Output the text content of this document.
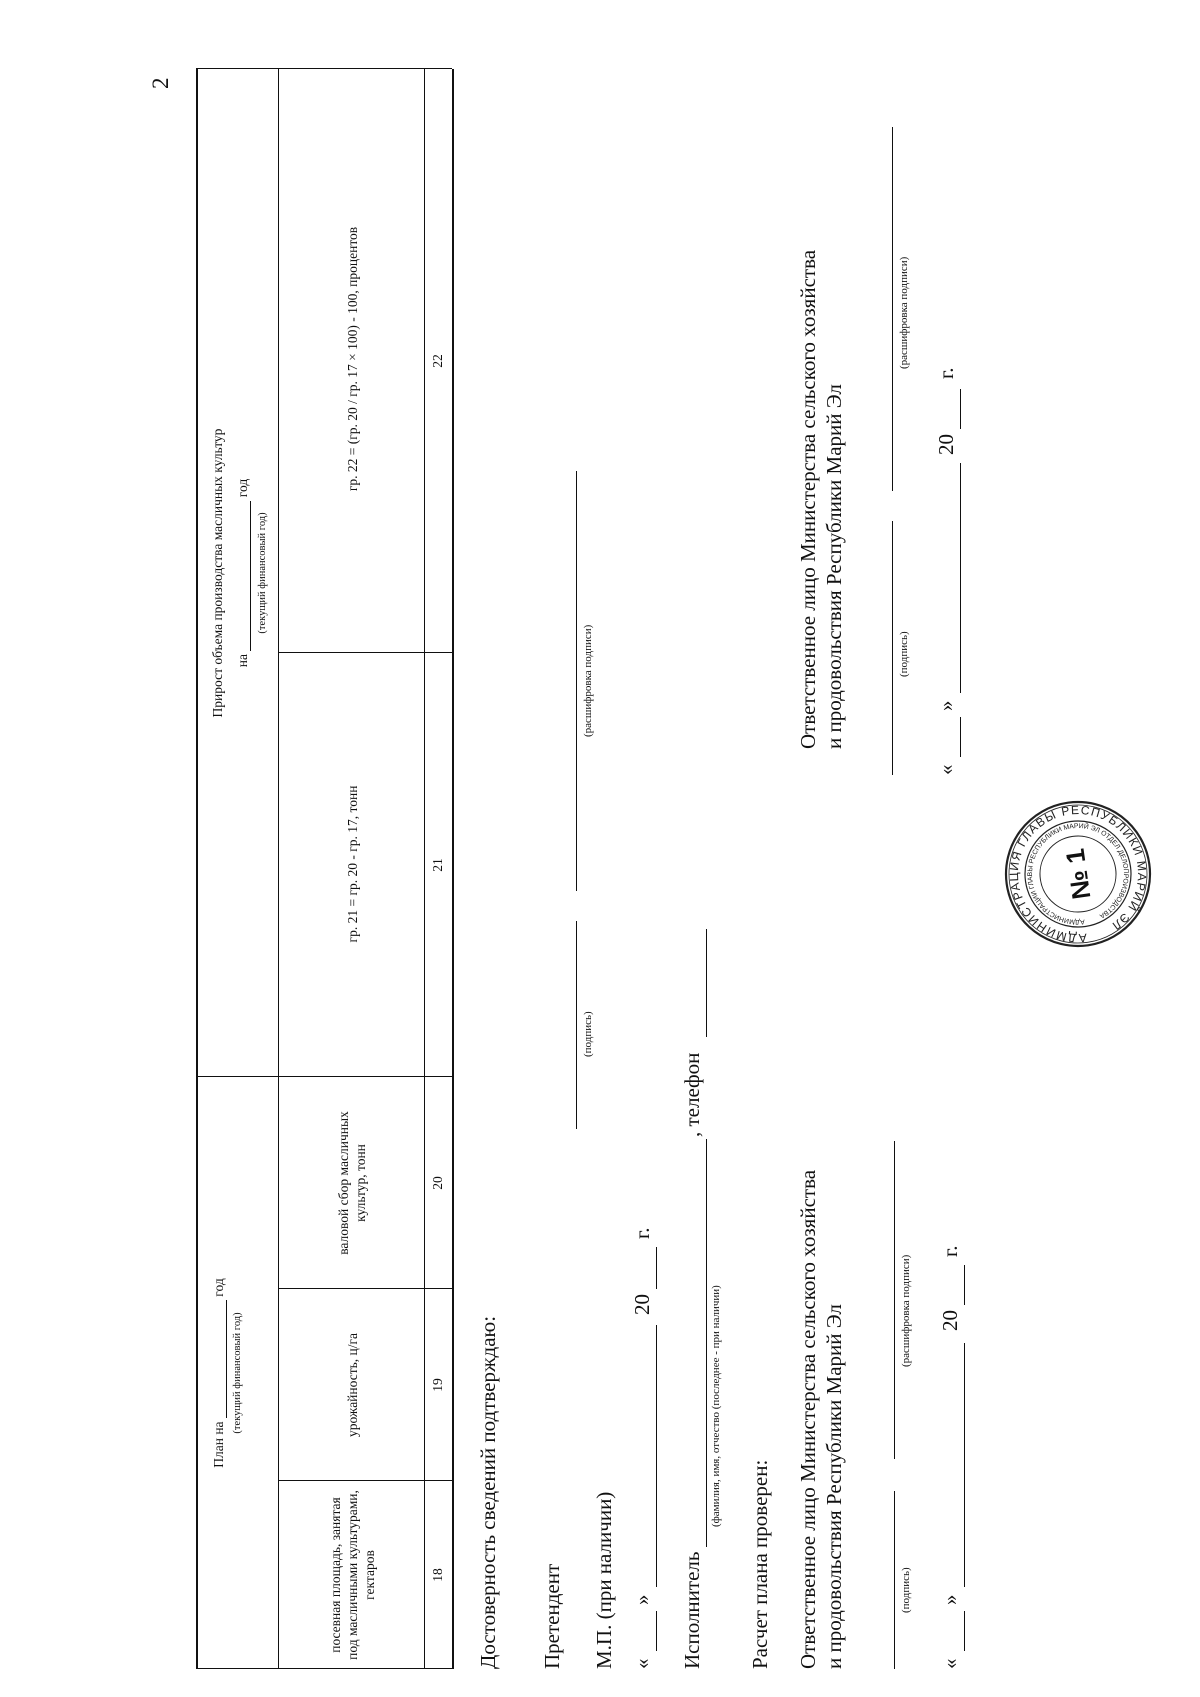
2
План на   год
(текущий финансовый год)
Прирост объема производства масличных культур на   год
(текущий финансовый год)
посевная площадь, занятая под масличными культурами, гектаров
урожайность, ц/га
валовой сбор масличных культур, тонн
гр. 21 = гр. 20 - гр. 17, тонн
гр. 22 = (гр. 20 / гр. 17 × 100) - 100, процентов
18
19
20
21
22
Достоверность сведений подтверждаю: Претендент
(подпись)
(расшифровка подписи)
М.П. (при наличии) «
»
20
г.
Исполнитель
(фамилия, имя, отчество (последнее - при наличии)
, телефон
Расчет плана проверен: Ответственное лицо Министерства сельского хозяйства и продовольствия Республики Марий Эл	(подпись)
(расшифровка подписи)
«
»
20
г.
Ответственное лицо Министерства сельского хозяйства и продовольствия Республики Марий Эл	(подпись)
(расшифровка подписи)
«
»
20
г.
АДМИНИСТРАЦИЯ ГЛАВЫ РЕСПУБЛИКИ МАРИЙ ЭЛ
АДМИНИСТРАЦИИ ГЛАВЫ РЕСПУБЛИКИ МАРИЙ ЭЛ ОТДЕЛ ДЕЛОПРОИЗВОДСТВА
№ 1
